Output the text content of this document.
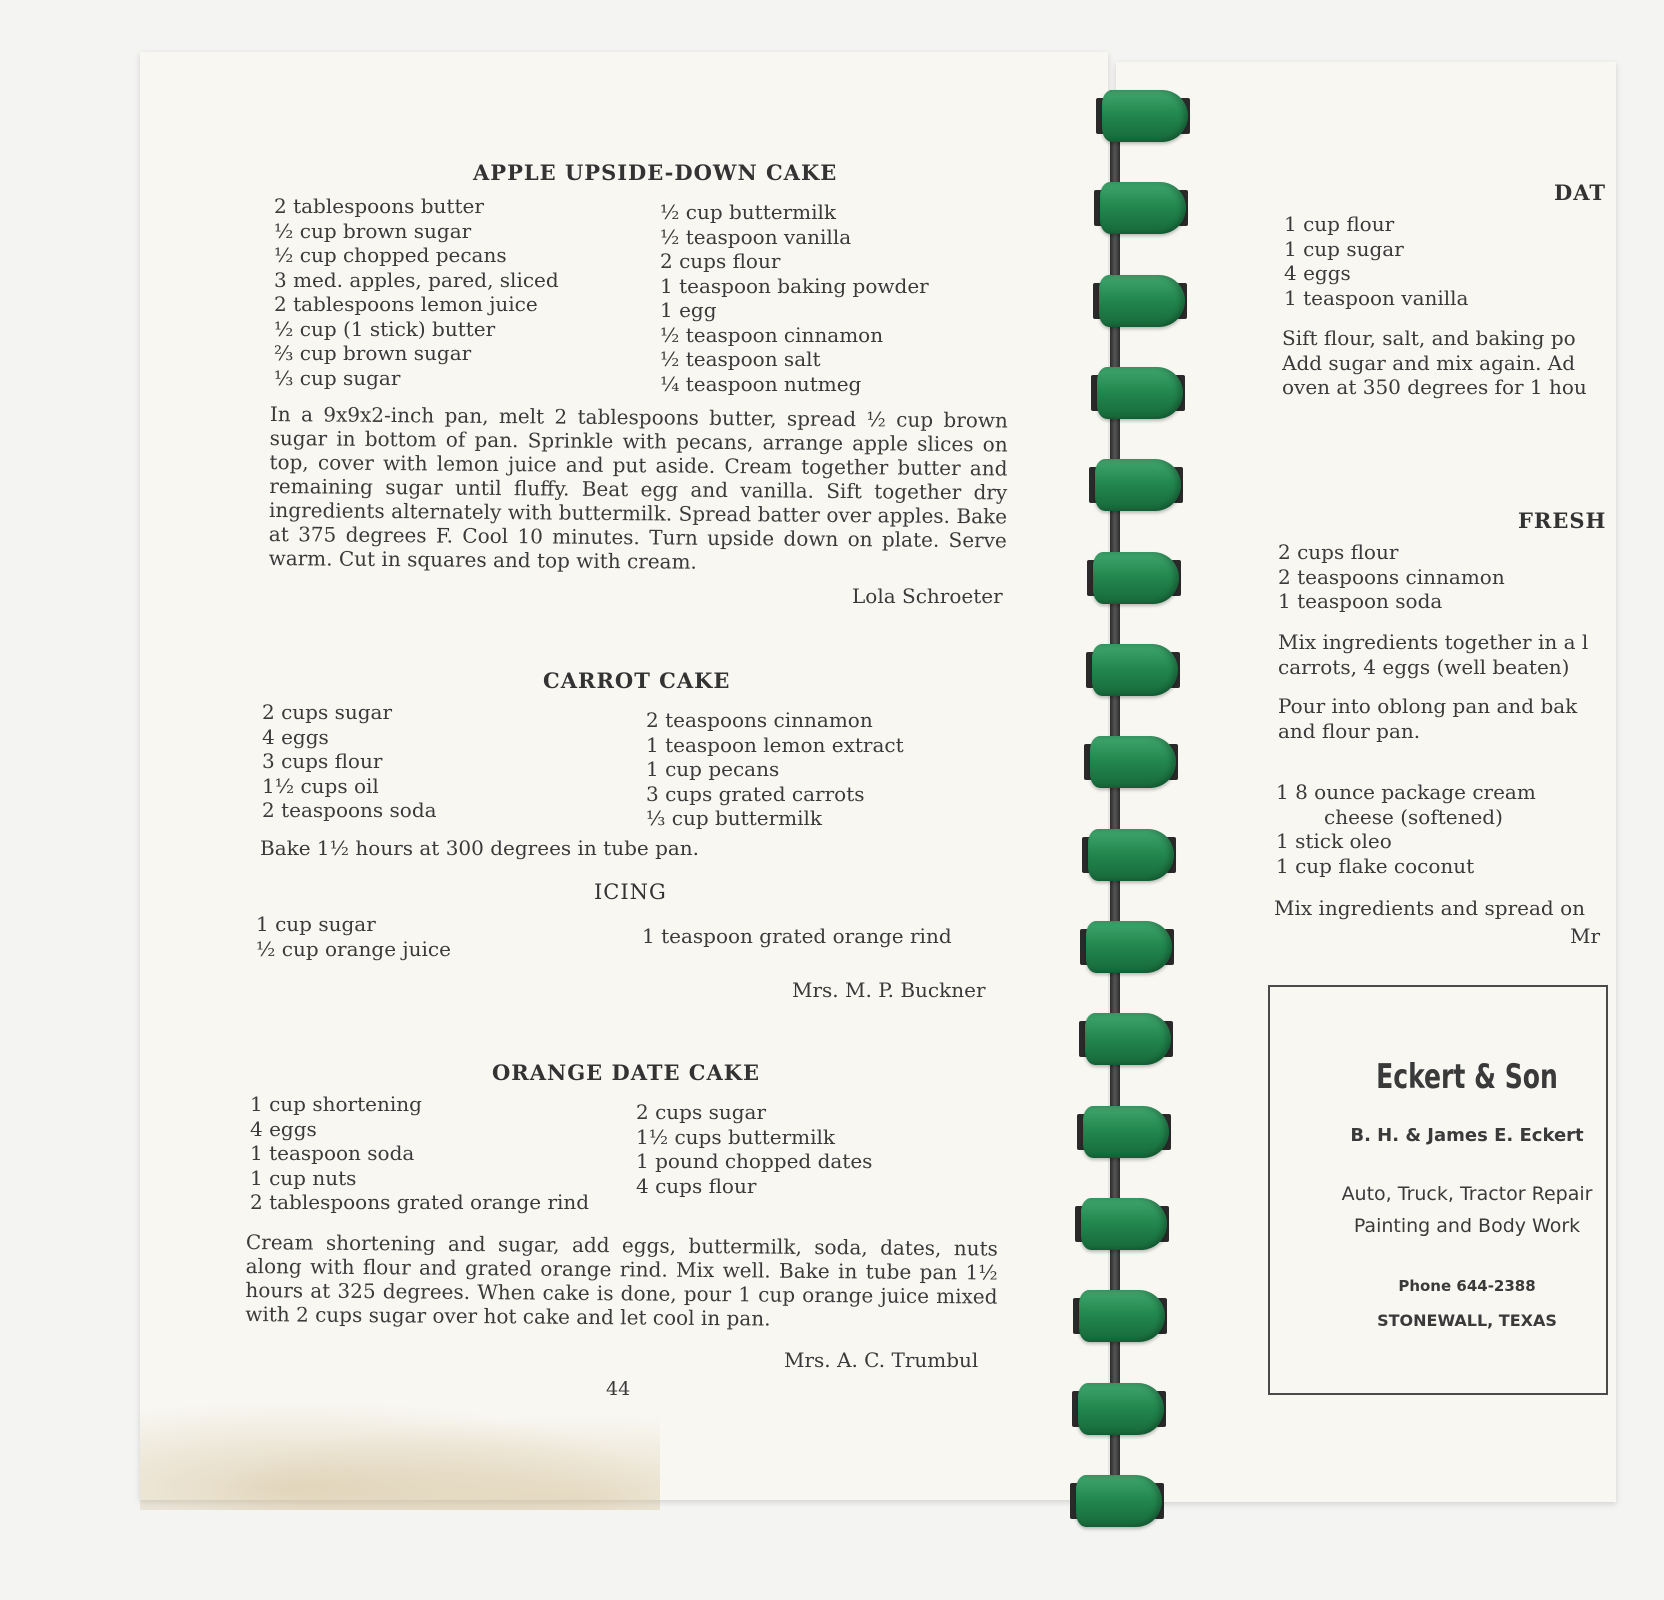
APPLE UPSIDE-DOWN CAKE
2 tablespoons butter
½ cup brown sugar
½ cup chopped pecans
3 med. apples, pared, sliced
2 tablespoons lemon juice
½ cup (1 stick) butter
⅔ cup brown sugar
⅓ cup sugar
½ cup buttermilk
½ teaspoon vanilla
2 cups flour
1 teaspoon baking powder
1 egg
½ teaspoon cinnamon
½ teaspoon salt
¼ teaspoon nutmeg
In a 9x9x2-inch pan, melt 2 tablespoons butter, spread ½ cup brown sugar in bottom of pan. Sprinkle with pecans, arrange apple slices on top, cover with lemon juice and put aside. Cream together butter and remaining sugar until fluffy. Beat egg and vanilla. Sift together dry ingredients alternately with buttermilk. Spread batter over apples. Bake at 375 degrees F. Cool 10 minutes. Turn upside down on plate. Serve warm. Cut in squares and top with cream.
Lola Schroeter
CARROT CAKE
2 cups sugar
4 eggs
3 cups flour
1½ cups oil
2 teaspoons soda
2 teaspoons cinnamon
1 teaspoon lemon extract
1 cup pecans
3 cups grated carrots
⅓ cup buttermilk
Bake 1½ hours at 300 degrees in tube pan.
ICING
1 cup sugar
½ cup orange juice
1 teaspoon grated orange rind
Mrs. M. P. Buckner
ORANGE DATE CAKE
1 cup shortening
4 eggs
1 teaspoon soda
1 cup nuts
2 tablespoons grated orange rind
2 cups sugar
1½ cups buttermilk
1 pound chopped dates
4 cups flour
Cream shortening and sugar, add eggs, buttermilk, soda, dates, nuts along with flour and grated orange rind. Mix well. Bake in tube pan 1½ hours at 325 degrees. When cake is done, pour 1 cup orange juice mixed with 2 cups sugar over hot cake and let cool in pan.
Mrs. A. C. Trumbul
44
DAT
1 cup flour
1 cup sugar
4 eggs
1 teaspoon vanilla
Sift flour, salt, and baking po
Add sugar and mix again. Ad
oven at 350 degrees for 1 hou
FRESH
2 cups flour
2 teaspoons cinnamon
1 teaspoon soda
Mix ingredients together in a l
carrots, 4 eggs (well beaten)
Pour into oblong pan and bak
and flour pan.
1 8 ounce package cream
cheese (softened)
1 stick oleo
1 cup flake coconut
Mix ingredients and spread on
Mr
Eckert & Son
B. H. & James E. Eckert
Auto, Truck, Tractor Repair
Painting and Body Work
Phone 644-2388
STONEWALL, TEXAS
